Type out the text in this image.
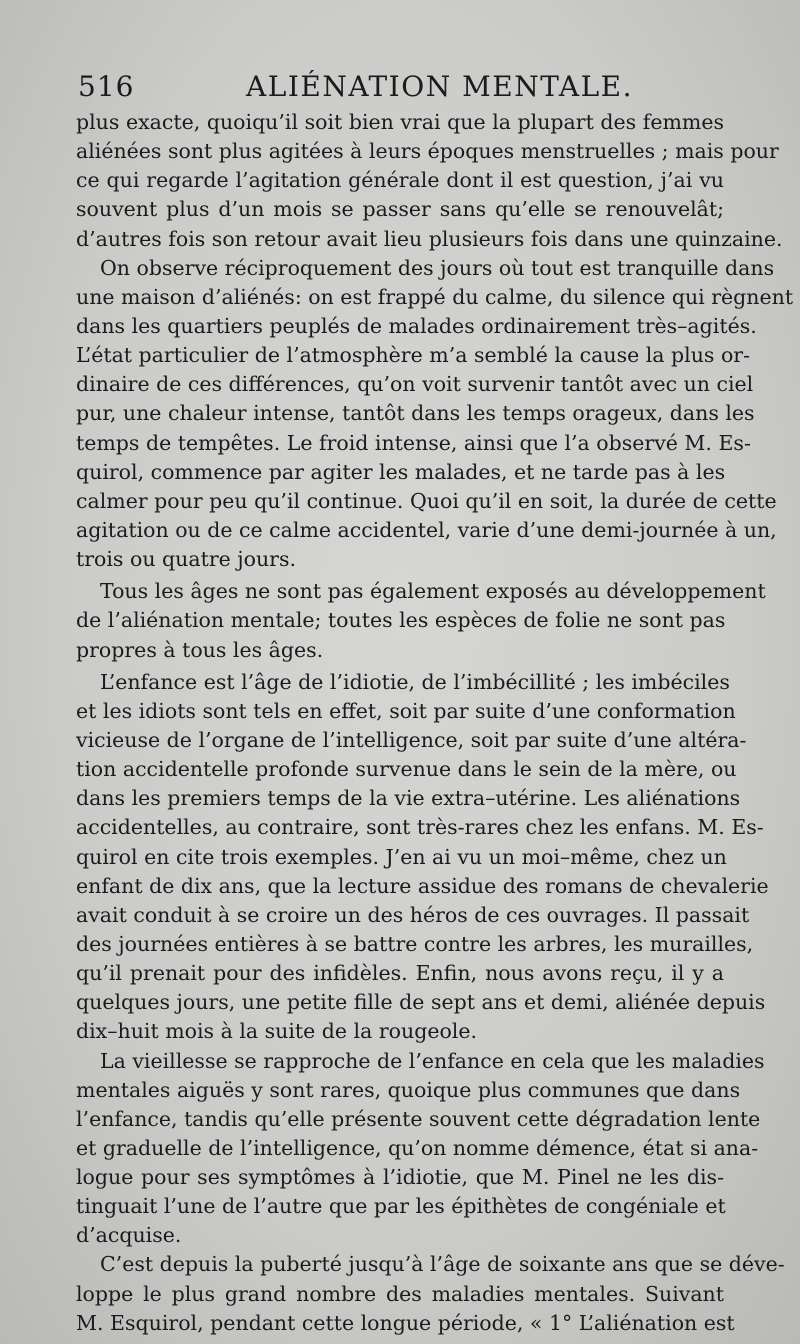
516	ALIÉNATION MENTALE.
plus exacte, quoiqu’il soit bien vrai que la plupart des femmes
aliénées sont plus agitées à leurs époques menstruelles ; mais pour
ce qui regarde l’agitation générale dont il est question, j’ai vu
souvent plus d’un mois se passer sans qu’elle se renouvelât;
d’autres fois son retour avait lieu plusieurs fois dans une quinzaine.
On observe réciproquement des jours où tout est tranquille dans
une maison d’aliénés: on est frappé du calme, du silence qui règnent
dans les quartiers peuplés de malades ordinairement très–agités.
L’état particulier de l’atmosphère m’a semblé la cause la plus or-
dinaire de ces différences, qu’on voit survenir tantôt avec un ciel
pur, une chaleur intense, tantôt dans les temps orageux, dans les
temps de tempêtes. Le froid intense, ainsi que l’a observé M. Es-
quirol, commence par agiter les malades, et ne tarde pas à les
calmer pour peu qu’il continue. Quoi qu’il en soit, la durée de cette
agitation ou de ce calme accidentel, varie d’une demi-journée à un,
trois ou quatre jours.
Tous les âges ne sont pas également exposés au développement
de l’aliénation mentale; toutes les espèces de folie ne sont pas
propres à tous les âges.
L’enfance est l’âge de l’idiotie, de l’imbécillité ; les imbéciles
et les idiots sont tels en effet, soit par suite d’une conformation
vicieuse de l’organe de l’intelligence, soit par suite d’une altéra-
tion accidentelle profonde survenue dans le sein de la mère, ou
dans les premiers temps de la vie extra–utérine. Les aliénations
accidentelles, au contraire, sont très-rares chez les enfans. M. Es-
quirol en cite trois exemples. J’en ai vu un moi–même, chez un
enfant de dix ans, que la lecture assidue des romans de chevalerie
avait conduit à se croire un des héros de ces ouvrages. Il passait
des journées entières à se battre contre les arbres, les murailles,
qu’il prenait pour des infidèles. Enfin, nous avons reçu, il y a
quelques jours, une petite fille de sept ans et demi, aliénée depuis
dix–huit mois à la suite de la rougeole.
La vieillesse se rapproche de l’enfance en cela que les maladies
mentales aiguës y sont rares, quoique plus communes que dans
l’enfance, tandis qu’elle présente souvent cette dégradation lente
et graduelle de l’intelligence, qu’on nomme démence, état si ana-
logue pour ses symptômes à l’idiotie, que M. Pinel ne les dis-
tinguait l’une de l’autre que par les épithètes de congéniale et
d’acquise.
C’est depuis la puberté jusqu’à l’âge de soixante ans que se déve-
loppe le plus grand nombre des maladies mentales. Suivant
M. Esquirol, pendant cette longue période, « 1° L’aliénation est
